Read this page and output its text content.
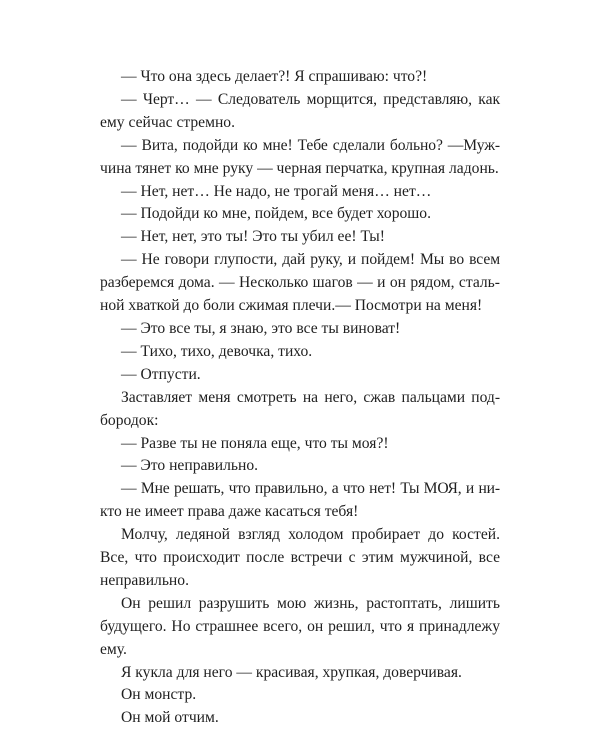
— Что она здесь делает?! Я спрашиваю: что?!

— Черт… — Следователь морщится, представляю, как
ему сейчас стремно.

— Вита, подойди ко мне! Тебе сделали больно? —Муж-
чина тянет ко мне руку — черная перчатка, крупная ладонь.

— Нет, нет… Не надо, не трогай меня… нет…

— Подойди ко мне, пойдем, все будет хорошо.

— Нет, нет, это ты! Это ты убил ее! Ты!

— Не говори глупости, дай руку, и пойдем! Мы во всем
разберемся дома. — Несколько шагов — и он рядом, сталь-
ной хваткой до боли сжимая плечи.— Посмотри на меня!

— Это все ты, я знаю, это все ты виноват!

— Тихо, тихо, девочка, тихо.

— Отпусти.

Заставляет меня смотреть на него, сжав пальцами под-
бородок:

— Разве ты не поняла еще, что ты моя?!

— Это неправильно.

— Мне решать, что правильно, а что нет! Ты МОЯ, и ни-
кто не имеет права даже касаться тебя!

Молчу, ледяной взгляд холодом пробирает до костей.
Все, что происходит после встречи с этим мужчиной, все
неправильно.

Он решил разрушить мою жизнь, растоптать, лишить
будущего. Но страшнее всего, он решил, что я принадлежу
ему.

Я кукла для него — красивая, хрупкая, доверчивая.

Он монстр.

Он мой отчим.
